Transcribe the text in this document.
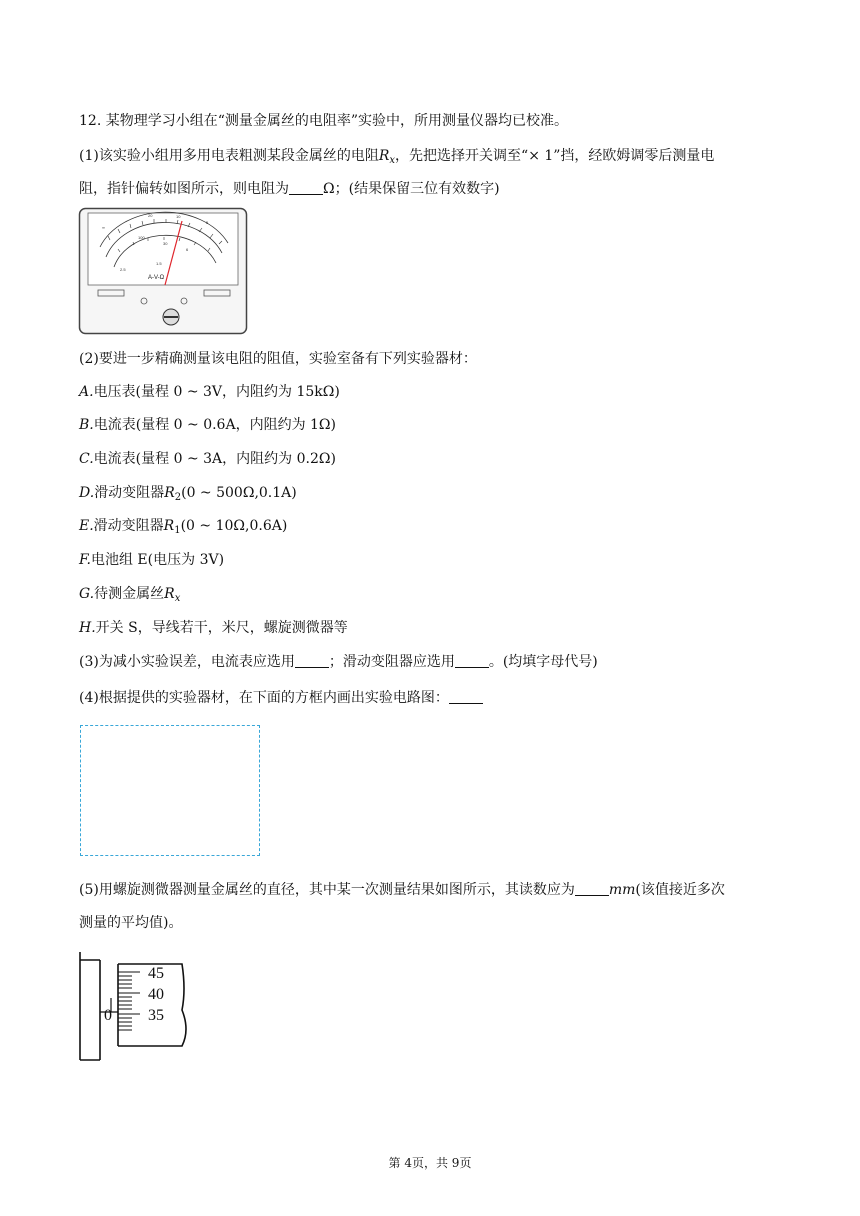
12. 某物理学习小组在“测量金属丝的电阻率”实验中，所用测量仪器均已校准。
(1)该实验小组用多用电表粗测某段金属丝的电阻$R_x$，先把选择开关调至“× 1”挡，经欧姆调零后测量电
阻，指针偏转如图所示，则电阻为 Ω；(结果保留三位有效数字)
∞
20	10
5
100
30
6
1.5
2.5
A-V-Ω
(2)要进一步精确测量该电阻的阻值，实验室备有下列实验器材：
A.电压表(量程 0 ~ 3V，内阻约为 15kΩ)
B.电流表(量程 0 ~ 0.6A，内阻约为 1Ω)
C.电流表(量程 0 ~ 3A，内阻约为 0.2Ω)
D.滑动变阻器$R_2(0$ ~ 500Ω,0.1A)
E.滑动变阻器$R_1(0$ ~ 10Ω,0.6A)
F.电池组 E(电压为 3V)
G.待测金属丝$R_x$
H.开关 S，导线若干，米尺，螺旋测微器等
(3)为减小实验误差，电流表应选用 ；滑动变阻器应选用 。(均填字母代号)
(4)根据提供的实验器材，在下面的方框内画出实验电路图：
(5)用螺旋测微器测量金属丝的直径，其中某一次测量结果如图所示，其读数应为 mm(该值接近多次
测量的平均值)。
45
40
35
0
第 4页，共 9页
